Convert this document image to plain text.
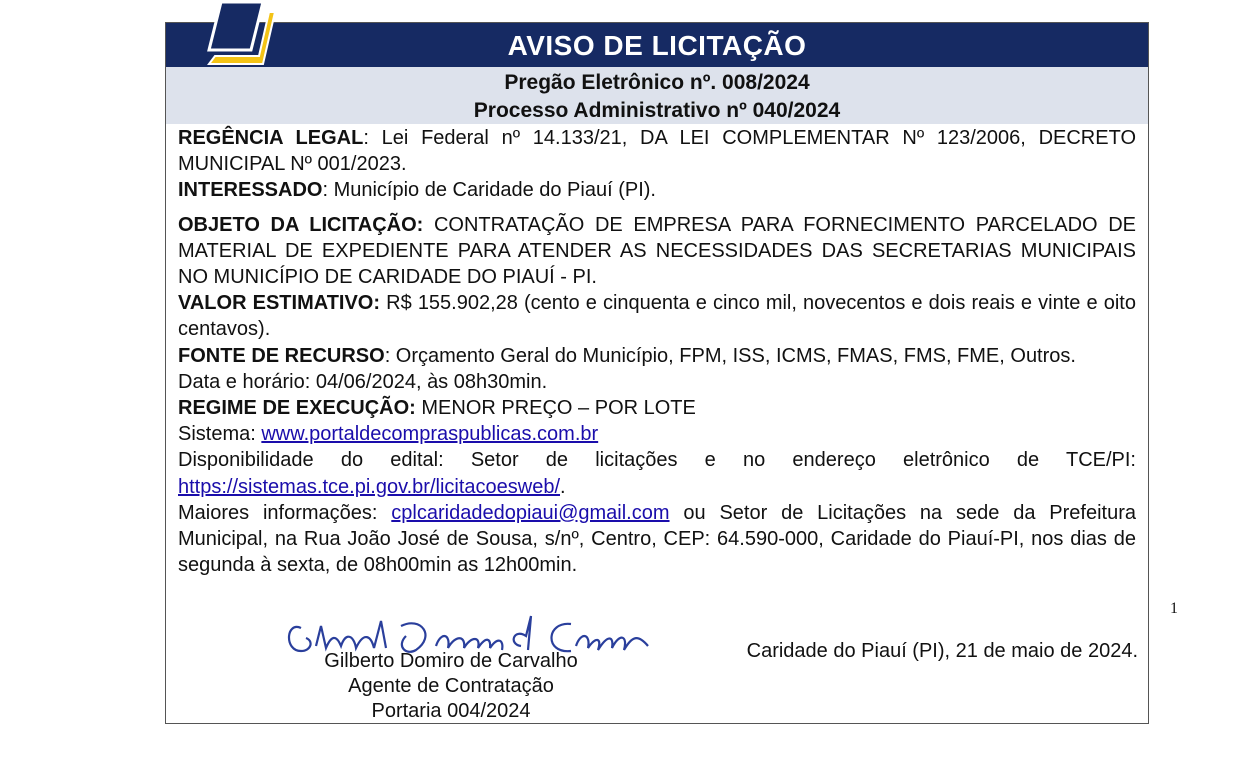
AVISO DE LICITAÇÃO
Pregão Eletrônico nº. 008/2024
Processo Administrativo nº 040/2024

REGÊNCIA LEGAL: Lei Federal nº 14.133/21, DA LEI COMPLEMENTAR Nº 123/2006, DECRETO MUNICIPAL Nº 001/2023.

INTERESSADO: Município de Caridade do Piauí (PI).

OBJETO DA LICITAÇÃO: CONTRATAÇÃO DE EMPRESA PARA FORNECIMENTO PARCELADO DE MATERIAL DE EXPEDIENTE PARA ATENDER AS NECESSIDADES DAS SECRETARIAS MUNICIPAIS NO MUNICÍPIO DE CARIDADE DO PIAUÍ - PI.

VALOR ESTIMATIVO: R$ 155.902,28 (cento e cinquenta e cinco mil, novecentos e dois reais e vinte e oito centavos).

FONTE DE RECURSO: Orçamento Geral do Município, FPM, ISS, ICMS, FMAS, FMS, FME, Outros.

Data e horário: 04/06/2024, às 08h30min.

REGIME DE EXECUÇÃO: MENOR PREÇO – POR LOTE

Sistema: www.portaldecompraspublicas.com.br

Disponibilidade do edital: Setor de licitações e no endereço eletrônico de TCE/PI: https://sistemas.tce.pi.gov.br/licitacoesweb/.

Maiores informações: cplcaridadedopiaui@gmail.com ou Setor de Licitações na sede da Prefeitura Municipal, na Rua João José de Sousa, s/nº, Centro, CEP: 64.590-000, Caridade do Piauí-PI, nos dias de segunda à sexta, de 08h00min as 12h00min.

Gilberto Domiro de Carvalho
Agente de Contratação
Portaria 004/2024
Caridade do Piauí (PI), 21 de maio de 2024.
1
